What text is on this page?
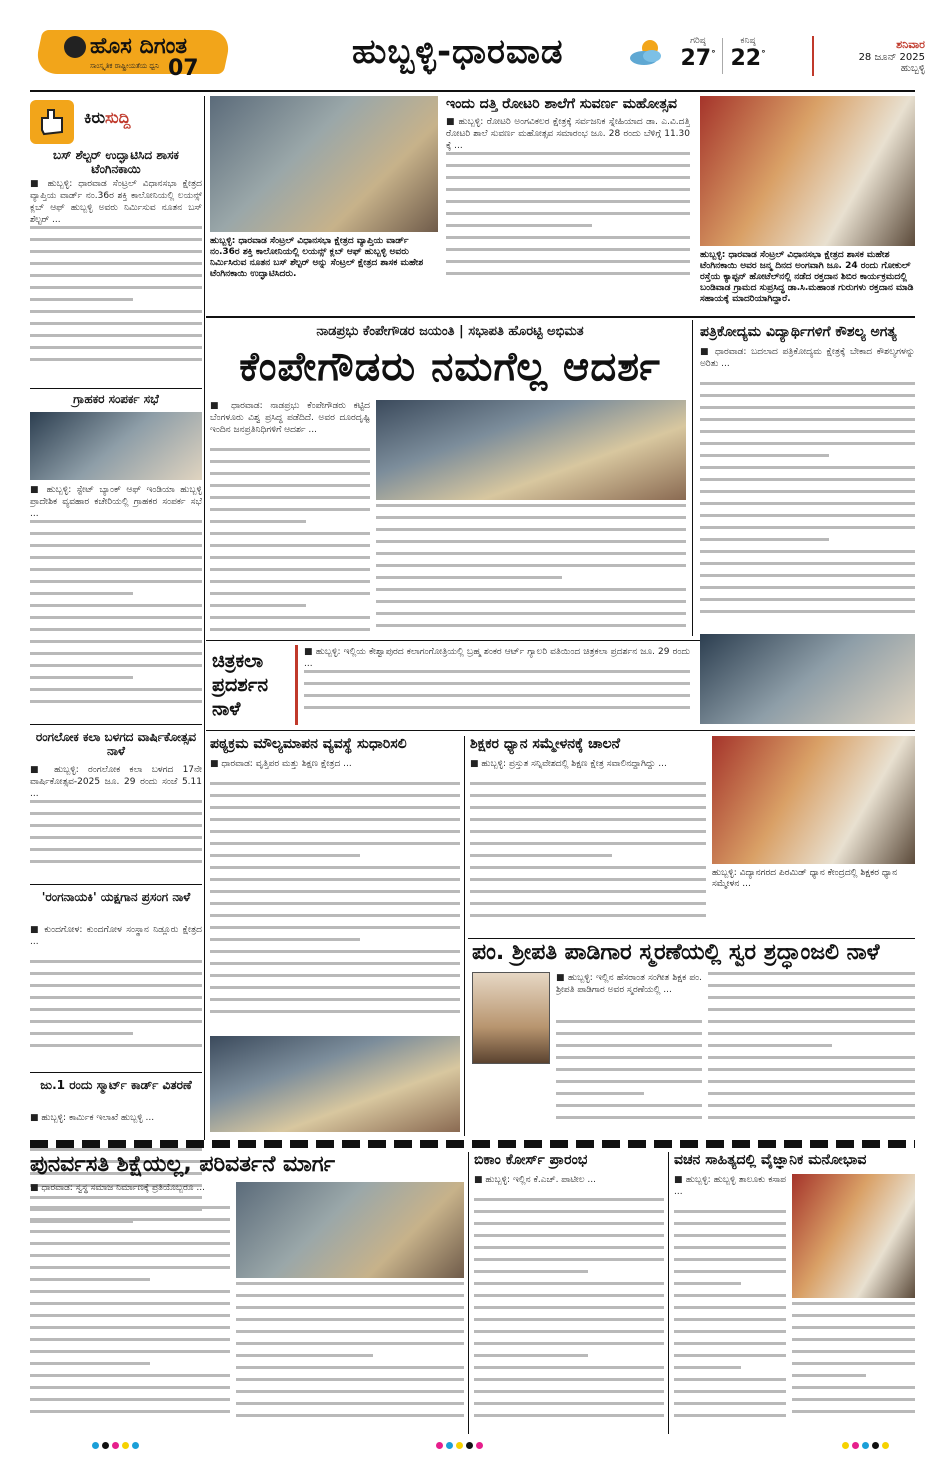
ಹೊಸ ದಿಗಂತ
ಸಾಂಸ್ಕೃತಿಕ ರಾಷ್ಟ್ರೀಯತೆಯ ಧ್ವನಿ 07	ಹುಬ್ಬಳ್ಳಿ-ಧಾರವಾಡ	ಗರಿಷ್ಠ
27°
ಕನಿಷ್ಠ
22°
ಶನಿವಾರ
28 ಜೂನ್ 2025
ಹುಬ್ಬಳ್ಳಿ
ಕಿರುಸುದ್ದಿ
ಬಸ್ ಶೆಲ್ಟರ್ ಉದ್ಘಾಟಿಸಿದ ಶಾಸಕ ಟೆಂಗಿನಕಾಯಿ
■ ಹುಬ್ಬಳ್ಳಿ: ಧಾರವಾಡ ಸೆಂಟ್ರಲ್ ವಿಧಾನಸಭಾ ಕ್ಷೇತ್ರದ ವ್ಯಾಪ್ತಿಯ ವಾರ್ಡ್ ನಂ.36ರ ಶಕ್ತಿ ಕಾಲೋನಿಯಲ್ಲಿ ಲಯನ್ಸ್ ಕ್ಲಬ್ ಆಫ್ ಹುಬ್ಬಳ್ಳಿ ಅವರು ನಿರ್ಮಿಸುವ ನೂತನ ಬಸ್ ಶೆಲ್ಟರ್ ...
ಗ್ರಾಹಕರ ಸಂಪರ್ಕ ಸಭೆ
■ ಹುಬ್ಬಳ್ಳಿ: ಸ್ಟೇಟ್ ಬ್ಯಾಂಕ್ ಆಫ್ ಇಂಡಿಯಾ ಹುಬ್ಬಳ್ಳಿ ಪ್ರಾದೇಶಿಕ ವ್ಯವಹಾರ ಕಚೇರಿಯಲ್ಲಿ ಗ್ರಾಹಕರ ಸಂಪರ್ಕ ಸಭೆ ...
ರಂಗಲೋಕ ಕಲಾ ಬಳಗದ ವಾರ್ಷಿಕೋತ್ಸವ ನಾಳೆ
■ ಹುಬ್ಬಳ್ಳಿ: ರಂಗಲೋಕ ಕಲಾ ಬಳಗದ 17ನೇ ವಾರ್ಷಿಕೋತ್ಸವ-2025 ಜೂ. 29 ರಂದು ಸಂಜೆ 5.11 ...
'ರಂಗನಾಯಕಿ' ಯಕ್ಷಗಾನ ಪ್ರಸಂಗ ನಾಳೆ
■ ಕುಂದಗೋಳ: ಕುಂದಗೋಳ ಸಂಸ್ಥಾನ ನಿಡ್ಲೂರು ಕ್ಷೇತ್ರದ ...
ಜು.1 ರಂದು ಸ್ಮಾರ್ಟ್ ಕಾರ್ಡ್ ವಿತರಣೆ
■ ಹುಬ್ಬಳ್ಳಿ: ಕಾರ್ಮಿಕ ಇಲಾಖೆ ಹುಬ್ಬಳ್ಳಿ ...
ಹುಬ್ಬಳ್ಳಿ: ಧಾರವಾಡ ಸೆಂಟ್ರಲ್ ವಿಧಾನಸಭಾ ಕ್ಷೇತ್ರದ ವ್ಯಾಪ್ತಿಯ ವಾರ್ಡ್ ನಂ.36ರ ಶಕ್ತಿ ಕಾಲೋನಿಯಲ್ಲಿ ಲಯನ್ಸ್ ಕ್ಲಬ್ ಆಫ್ ಹುಬ್ಬಳ್ಳಿ ಅವರು ನಿರ್ಮಿಸಿರುವ ನೂತನ ಬಸ್ ಶೆಲ್ಟರ್ ಅನ್ನು ಸೆಂಟ್ರಲ್ ಕ್ಷೇತ್ರದ ಶಾಸಕ ಮಹೇಶ ಟೆಂಗಿನಕಾಯಿ ಉದ್ಘಾಟಿಸಿದರು.
ಇಂದು ದತ್ತಿ ರೋಟರಿ ಶಾಲೆಗೆ ಸುವರ್ಣ ಮಹೋತ್ಸವ
■ ಹುಬ್ಬಳ್ಳಿ: ರೋಟರಿ ಅಂಗವಿಕಲರ ಕ್ಷೇತ್ರಕ್ಕೆ ಸರ್ವಜನಿಕ ಸ್ನೇಹಿಯಾದ ಡಾ. ಎ.ವಿ.ದತ್ತಿ ರೋಟರಿ ಶಾಲೆ ಸುವರ್ಣ ಮಹೋತ್ಸವ ಸಮಾರಂಭ ಜೂ. 28 ರಂದು ಬೆಳಿಗ್ಗೆ 11.30 ಕ್ಕೆ ...
ಹುಬ್ಬಳ್ಳಿ: ಧಾರವಾಡ ಸೆಂಟ್ರಲ್ ವಿಧಾನಸಭಾ ಕ್ಷೇತ್ರದ ಶಾಸಕ ಮಹೇಶ ಟೆಂಗಿನಕಾಯಿ ಅವರ ಜನ್ಮ ದಿನದ ಅಂಗವಾಗಿ ಜೂ. 24 ರಂದು ಗೋಕುಲ್ ರಸ್ತೆಯ ಕ್ಯಾಪ್ಟನ್ ಹೋಟೆಲ್‌ನಲ್ಲಿ ನಡೆದ ರಕ್ತದಾನ ಶಿಬಿರ ಕಾರ್ಯಕ್ರಮದಲ್ಲಿ ಬಂಡಿವಾಡ ಗ್ರಾಮದ ಸುಪ್ರಸಿದ್ಧ ಡಾ.ಸಿ.ಮಹಾಂತ ಗುರುಗಳು ರಕ್ತದಾನ ಮಾಡಿ ಸಹಾಯಕ್ಕೆ ಮಾದರಿಯಾಗಿದ್ದಾರೆ.
ನಾಡಪ್ರಭು ಕೆಂಪೇಗೌಡರ ಜಯಂತಿ | ಸಭಾಪತಿ ಹೊರಟ್ಟಿ ಅಭಿಮತ
ಕೆಂಪೇಗೌಡರು ನಮಗೆಲ್ಲ ಆದರ್ಶ
■ ಧಾರವಾಡ: ನಾಡಪ್ರಭು ಕೆಂಪೇಗೌಡರು ಕಟ್ಟಿದ ಬೆಂಗಳೂರು ವಿಶ್ವ ಪ್ರಸಿದ್ಧ ಪಡೆದಿದೆ. ಅವರ ದೂರದೃಷ್ಟಿ ಇಂದಿನ ಜನಪ್ರತಿನಿಧಿಗಳಿಗೆ ಆದರ್ಶ ...
ಪತ್ರಿಕೋದ್ಯಮ ವಿದ್ಯಾರ್ಥಿಗಳಿಗೆ ಕೌಶಲ್ಯ ಅಗತ್ಯ
■ ಧಾರವಾಡ: ಬದಲಾದ ಪತ್ರಿಕೋದ್ಯಮ ಕ್ಷೇತ್ರಕ್ಕೆ ಬೇಕಾದ ಕೌಶಲ್ಯಗಳನ್ನು ಅರಿತು ...
ಚಿತ್ರಕಲಾ ಪ್ರದರ್ಶನ ನಾಳೆ
■ ಹುಬ್ಬಳ್ಳಿ: ಇಲ್ಲಿಯ ಕೇಶ್ವಾಪುರದ ಕಲಾಗಂಗೋತ್ರಿಯಲ್ಲಿ ಬ್ರಹ್ಮ ಶಂಕರ ಆರ್ಟ್ ಗ್ಯಾಲರಿ ವತಿಯಿಂದ ಚಿತ್ರಕಲಾ ಪ್ರದರ್ಶನ ಜೂ. 29 ರಂದು ...
ಪಠ್ಯಕ್ರಮ ಮೌಲ್ಯಮಾಪನ ವ್ಯವಸ್ಥೆ ಸುಧಾರಿಸಲಿ
■ ಧಾರವಾಡ: ವೃತ್ತಿಪರ ಮತ್ತು ಶಿಕ್ಷಣ ಕ್ಷೇತ್ರದ ...
ಶಿಕ್ಷಕರ ಧ್ಯಾನ ಸಮ್ಮೇಳನಕ್ಕೆ ಚಾಲನೆ
■ ಹುಬ್ಬಳ್ಳಿ: ಪ್ರಸ್ತುತ ಸನ್ನಿವೇಶದಲ್ಲಿ ಶಿಕ್ಷಣ ಕ್ಷೇತ್ರ ಸವಾಲಿನದ್ದಾಗಿದ್ದು ...
ಹುಬ್ಬಳ್ಳಿ: ವಿದ್ಯಾನಗರದ ಪಿರಮಿಡ್ ಧ್ಯಾನ ಕೇಂದ್ರದಲ್ಲಿ ಶಿಕ್ಷಕರ ಧ್ಯಾನ ಸಮ್ಮೇಳನ ...
ಪಂ. ಶ್ರೀಪತಿ ಪಾಡಿಗಾರ ಸ್ಮರಣೆಯಲ್ಲಿ ಸ್ವರ ಶ್ರದ್ಧಾಂಜಲಿ ನಾಳೆ
■ ಹುಬ್ಬಳ್ಳಿ: ಇಲ್ಲಿನ ಹೆಸರಾಂತ ಸಂಗೀತ ಶಿಕ್ಷಕ ಪಂ. ಶ್ರೀಪತಿ ಪಾಡಿಗಾರ ಅವರ ಸ್ಮರಣೆಯಲ್ಲಿ ...
ಪುನರ್ವಸತಿ ಶಿಕ್ಷೆಯಲ್ಲ, ಪರಿವರ್ತನೆ ಮಾರ್ಗ
■ ಧಾರವಾಡ: ಸ್ವಸ್ಥ ಸಮಾಜ ನಿರ್ಮಾಣಕ್ಕೆ ಪ್ರತಿಯೊಬ್ಬರೂ ...
ಬಿಕಾಂ ಕೋರ್ಸ್ ಪ್ರಾರಂಭ
■ ಹುಬ್ಬಳ್ಳಿ: ಇಲ್ಲಿನ ಕೆ.ಎಚ್. ಪಾಟೀಲ ...
ವಚನ ಸಾಹಿತ್ಯದಲ್ಲಿ ವೈಜ್ಞಾನಿಕ ಮನೋಭಾವ
■ ಹುಬ್ಬಳ್ಳಿ: ಹುಬ್ಬಳ್ಳಿ ತಾಲೂಕು ಕಸಾಪ ...
